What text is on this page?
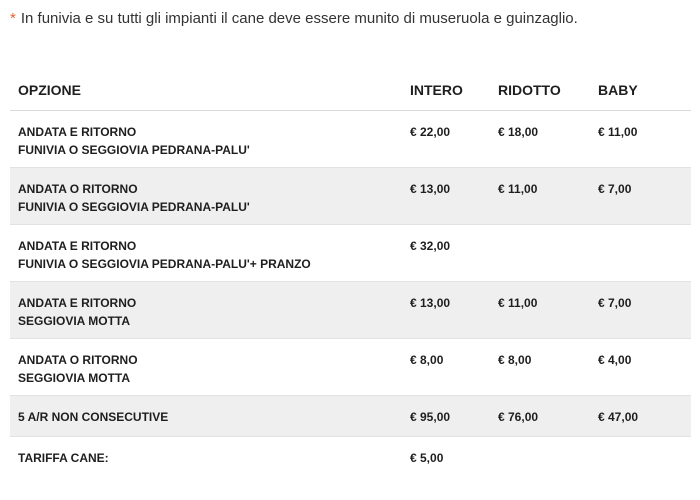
* In funivia e su tutti gli impianti il cane deve essere munito di museruola e guinzaglio.
OPZIONE	INTERO	RIDOTTO	BABY

ANDATA E RITORNO
FUNIVIA O SEGGIOVIA PEDRANA-PALU'	€ 22,00	€ 18,00	€ 11,00

ANDATA O RITORNO
FUNIVIA O SEGGIOVIA PEDRANA-PALU'	€ 13,00	€ 11,00	€ 7,00

ANDATA E RITORNO
FUNIVIA O SEGGIOVIA PEDRANA-PALU'+ PRANZO	€ 32,00		

ANDATA E RITORNO
SEGGIOVIA MOTTA	€ 13,00	€ 11,00	€ 7,00

ANDATA O RITORNO
SEGGIOVIA MOTTA	€ 8,00	€ 8,00	€ 4,00

5 A/R NON CONSECUTIVE	€ 95,00	€ 76,00	€ 47,00

TARIFFA CANE:	€ 5,00		
